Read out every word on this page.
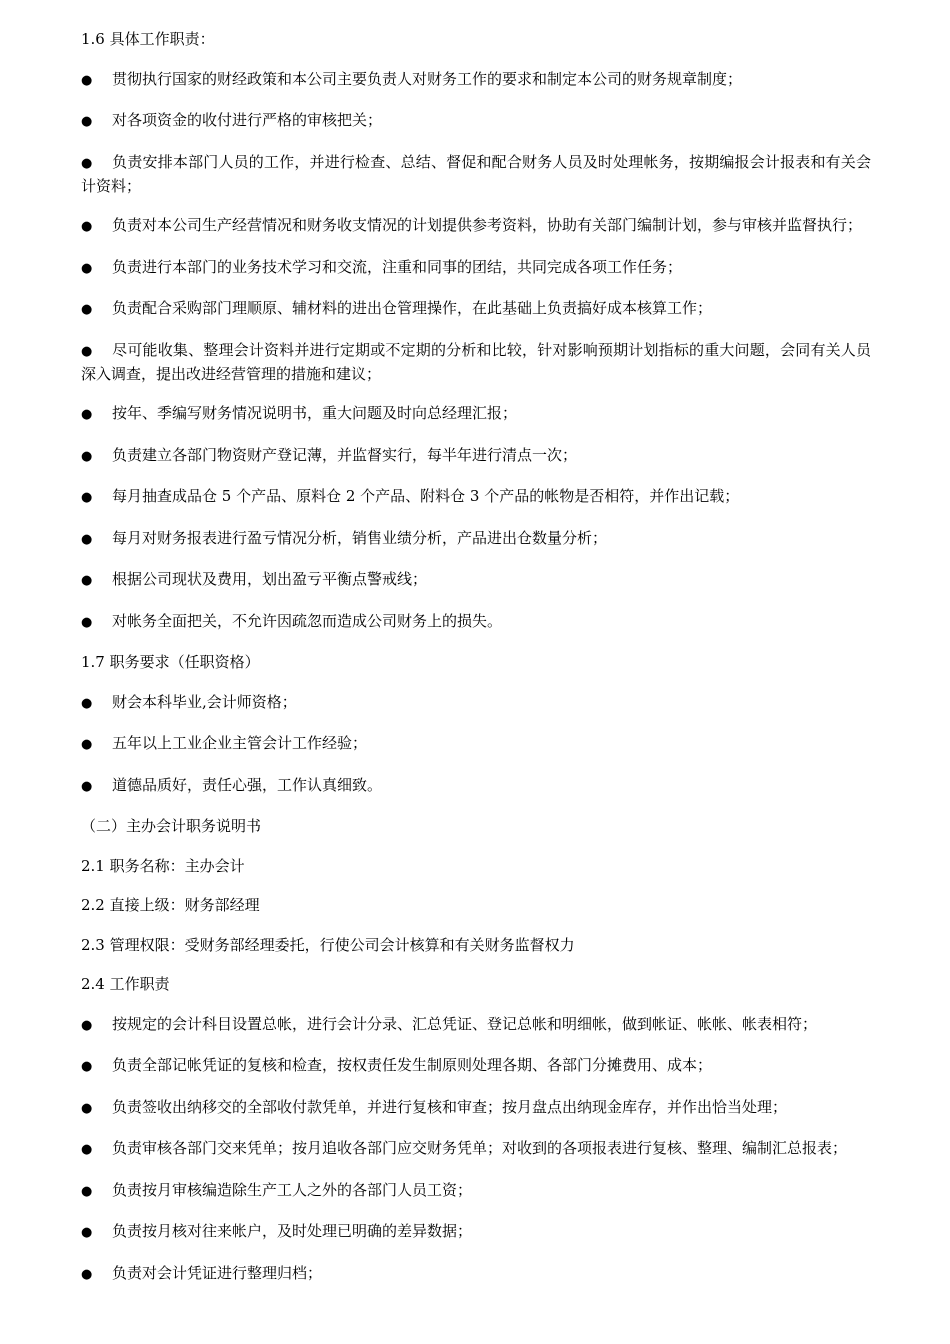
1.6 具体工作职责：
● 贯彻执行国家的财经政策和本公司主要负责人对财务工作的要求和制定本公司的财务规章制度；
● 对各项资金的收付进行严格的审核把关；
● 负责安排本部门人员的工作，并进行检查、总结、督促和配合财务人员及时处理帐务，按期编报会计报表和有关会计资料；
● 负责对本公司生产经营情况和财务收支情况的计划提供参考资料，协助有关部门编制计划，参与审核并监督执行；
● 负责进行本部门的业务技术学习和交流，注重和同事的团结，共同完成各项工作任务；
● 负责配合采购部门理顺原、辅材料的进出仓管理操作，在此基础上负责搞好成本核算工作；
● 尽可能收集、整理会计资料并进行定期或不定期的分析和比较，针对影响预期计划指标的重大问题，会同有关人员深入调查，提出改进经营管理的措施和建议；
● 按年、季编写财务情况说明书，重大问题及时向总经理汇报；
● 负责建立各部门物资财产登记薄，并监督实行，每半年进行清点一次；
● 每月抽查成品仓 5 个产品、原料仓 2 个产品、附料仓 3 个产品的帐物是否相符，并作出记载；
● 每月对财务报表进行盈亏情况分析，销售业绩分析，产品进出仓数量分析；
● 根据公司现状及费用，划出盈亏平衡点警戒线；
● 对帐务全面把关，不允许因疏忽而造成公司财务上的损失。
1.7 职务要求（任职资格）
● 财会本科毕业,会计师资格；
● 五年以上工业企业主管会计工作经验；
● 道德品质好，责任心强，工作认真细致。
（二）主办会计职务说明书
2.1 职务名称：主办会计
2.2 直接上级：财务部经理
2.3 管理权限：受财务部经理委托，行使公司会计核算和有关财务监督权力
2.4 工作职责
● 按规定的会计科目设置总帐，进行会计分录、汇总凭证、登记总帐和明细帐，做到帐证、帐帐、帐表相符；
● 负责全部记帐凭证的复核和检查，按权责任发生制原则处理各期、各部门分摊费用、成本；
● 负责签收出纳移交的全部收付款凭单，并进行复核和审查；按月盘点出纳现金库存，并作出恰当处理；
● 负责审核各部门交来凭单；按月追收各部门应交财务凭单；对收到的各项报表进行复核、整理、编制汇总报表；
● 负责按月审核编造除生产工人之外的各部门人员工资；
● 负责按月核对往来帐户，及时处理已明确的差异数据；
● 负责对会计凭证进行整理归档；
